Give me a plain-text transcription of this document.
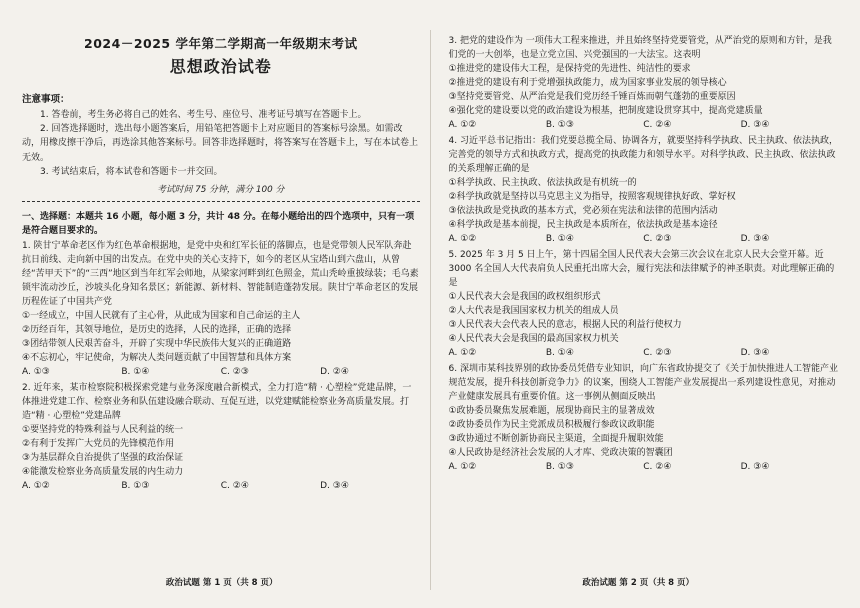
2024－2025 学年第二学期高一年级期末考试
思想政治试卷
注意事项：

1. 答卷前，考生务必将自己的姓名、考生号、座位号、准考证号填写在答题卡上。

2. 回答选择题时，选出每小题答案后，用铅笔把答题卡上对应题目的答案标号涂黑。如需改动，用橡皮擦干净后，再选涂其他答案标号。回答非选择题时，将答案写在答题卡上，写在本试卷上无效。

3. 考试结束后，将本试卷和答题卡一并交回。

考试时间 75 分钟，满分 100 分
一、选择题：本题共 16 小题，每小题 3 分，共计 48 分。在每小题给出的四个选项中，只有一项是符合题目要求的。
1. 陕甘宁革命老区作为红色革命根据地，是党中央和红军长征的落脚点，也是党带领人民军队奔赴抗日前线、走向新中国的出发点。在党中央的关心支持下，如今的老区从宝塔山到六盘山，从曾经“苦甲天下”的“三西”地区到当年红军会师地，从梁家河畔到红色照金，荒山秃岭重披绿装；毛乌素锁牢流动沙丘，沙坡头化身知名景区；新能源、新材料、智能制造蓬勃发展。陕甘宁革命老区的发展历程佐证了中国共产党
①一经成立，中国人民就有了主心骨，从此成为国家和自己命运的主人
②历经百年，其领导地位，是历史的选择，人民的选择，正确的选择
③团结带领人民艰苦奋斗，开辟了实现中华民族伟大复兴的正确道路
④不忘初心，牢记使命，为解决人类问题贡献了中国智慧和具体方案
A. ①③	B. ①④	C. ②③	D. ②④
2. 近年来，某市检察院积极探索党建与业务深度融合新模式，全力打造“精 · 心塑检”党建品牌，一体推进党建工作、检察业务和队伍建设融合联动、互促互进，以党建赋能检察业务高质量发展。打造“精 · 心塑检”党建品牌
①要坚持党的特殊利益与人民利益的统一
②有利于发挥广大党员的先锋模范作用
③为基层群众自治提供了坚强的政治保证
④能激发检察业务高质量发展的内生动力
A. ①②	B. ①③	C. ②④	D. ③④
政治试题 第 1 页（共 8 页）
3. 把党的建设作为 一项伟大工程来推进，并且始终坚持党要管党，从严治党的原则和方针，是我们党的一大创举，也是立党立国、兴党强国的一大法宝。这表明
①推进党的建设伟大工程，是保持党的先进性、纯洁性的要求
②推进党的建设有利于党增强执政能力，成为国家事业发展的领导核心
③坚持党要管党、从严治党是我们党历经千锤百炼而朝气蓬勃的重要原因
④强化党的建设要以党的政治建设为根基，把制度建设贯穿其中，提高党建质量
A. ①②	B. ①③	C. ②④	D. ③④
4. 习近平总书记指出：我们党要总揽全局、协调各方，就要坚持科学执政、民主执政、依法执政，完善党的领导方式和执政方式，提高党的执政能力和领导水平。对科学执政、民主执政、依法执政的关系理解正确的是
①科学执政、民主执政、依法执政是有机统一的
②科学执政就是坚持以马克思主义为指导，按照客观规律执好政、掌好权
③依法执政是党执政的基本方式，党必须在宪法和法律的范围内活动
④科学执政是基本前提，民主执政是本质所在，依法执政是基本途径
A. ①②	B. ①④	C. ②③	D. ③④
5. 2025 年 3 月 5 日上午，第十四届全国人民代表大会第三次会议在北京人民大会堂开幕。近 3000 名全国人大代表肩负人民重托出席大会，履行宪法和法律赋予的神圣职责。对此理解正确的是
①人民代表大会是我国的政权组织形式
②人大代表是我国国家权力机关的组成人员
③人民代表大会代表人民的意志，根据人民的利益行使权力
④人民代表大会是我国的最高国家权力机关
A. ①②	B. ①④	C. ②③	D. ③④
6. 深圳市某科技界别的政协委员凭借专业知识，向广东省政协提交了《关于加快推进人工智能产业规范发展，提升科技创新竞争力》的议案，围绕人工智能产业发展提出一系列建设性意见，对推动产业健康发展具有重要价值。这一事例从侧面反映出
①政协委员聚焦发展难题，展现协商民主的显著成效
②政协委员作为民主党派成员积极履行参政议政职能
③政协通过不断创新协商民主渠道，全面提升履职效能
④人民政协是经济社会发展的人才库、党政决策的智囊团
A. ①②	B. ①③	C. ②④	D. ③④
政治试题 第 2 页（共 8 页）
